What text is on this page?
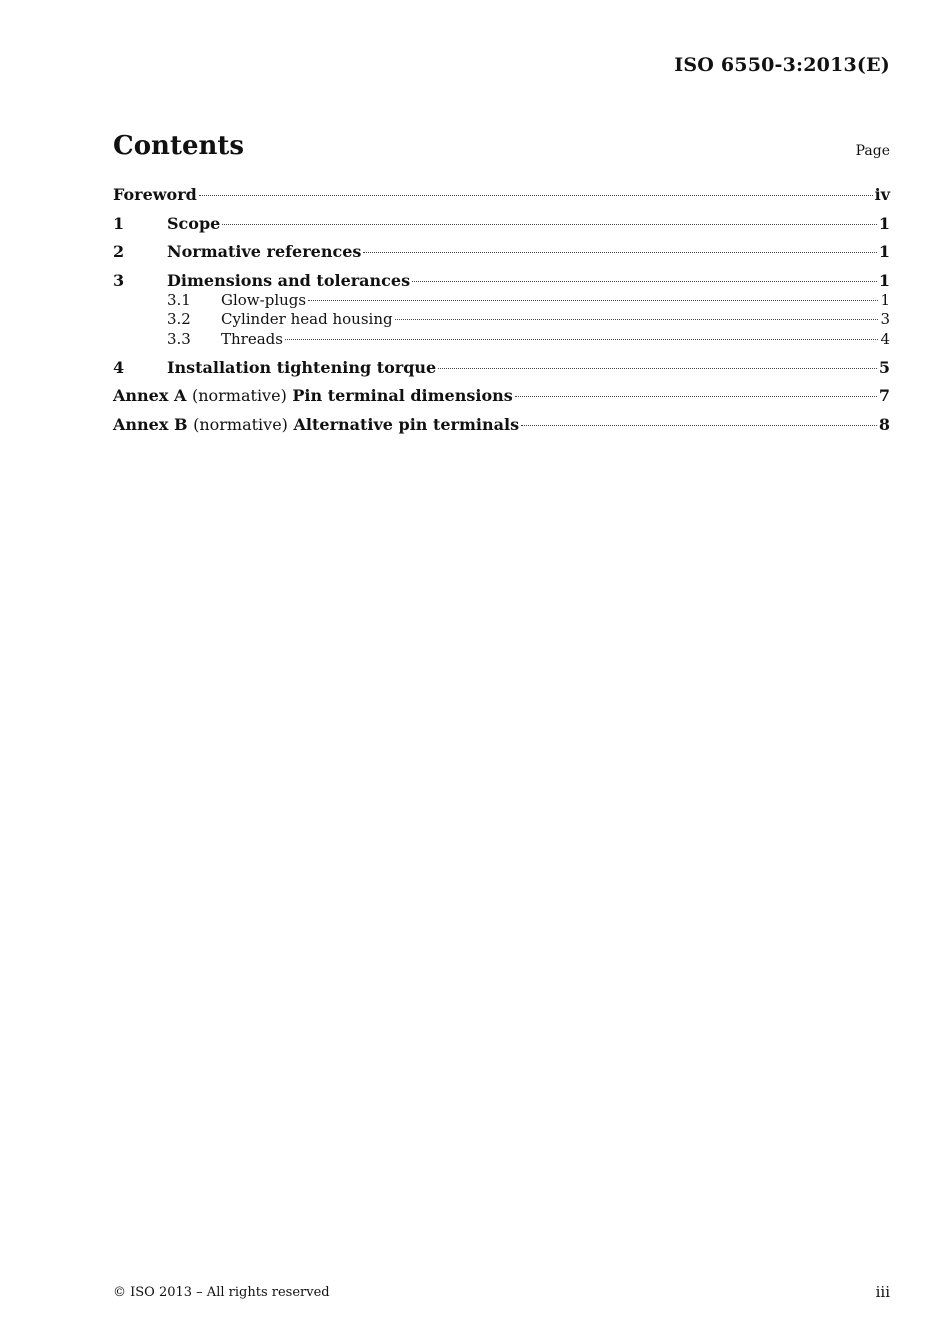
ISO 6550-3:2013(E)
Contents	Page
Foreword	iv
1	Scope	1
2	Normative references	1
3	Dimensions and tolerances	1
3.1	Glow-plugs	1
3.2	Cylinder head housing	3
3.3	Threads	4
4	Installation tightening torque	5
Annex A (normative) Pin terminal dimensions	7
Annex B (normative) Alternative pin terminals	8
© ISO 2013 – All rights reserved	iii
